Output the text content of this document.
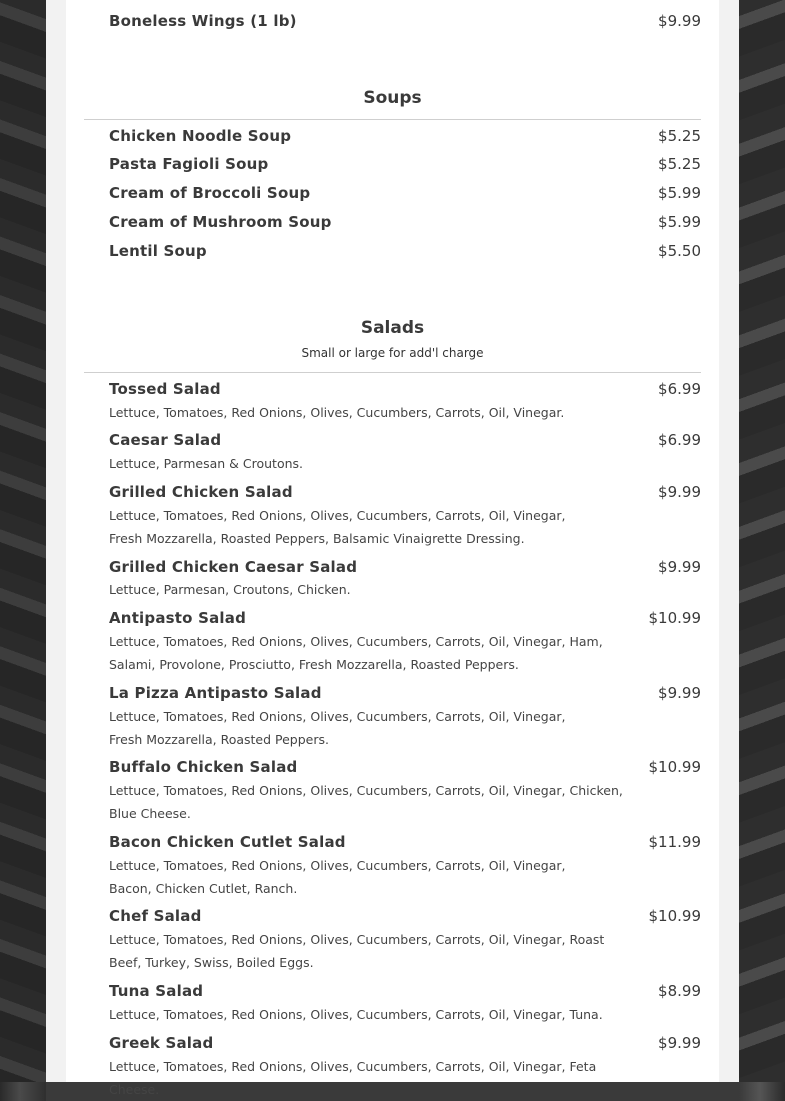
Boneless Wings (1 lb)	$9.99
Soups
Chicken Noodle Soup	$5.25
Pasta Fagioli Soup	$5.25
Cream of Broccoli Soup	$5.99
Cream of Mushroom Soup	$5.99
Lentil Soup	$5.50
Salads
Small or large for add'l charge
Tossed Salad	$6.99
Lettuce, Tomatoes, Red Onions, Olives, Cucumbers, Carrots, Oil, Vinegar.
Caesar Salad	$6.99
Lettuce, Parmesan & Croutons.
Grilled Chicken Salad	$9.99
Lettuce, Tomatoes, Red Onions, Olives, Cucumbers, Carrots, Oil, Vinegar, Fresh Mozzarella, Roasted Peppers, Balsamic Vinaigrette Dressing.
Grilled Chicken Caesar Salad	$9.99
Lettuce, Parmesan, Croutons, Chicken.
Antipasto Salad	$10.99
Lettuce, Tomatoes, Red Onions, Olives, Cucumbers, Carrots, Oil, Vinegar, Ham, Salami, Provolone, Prosciutto, Fresh Mozzarella, Roasted Peppers.
La Pizza Antipasto Salad	$9.99
Lettuce, Tomatoes, Red Onions, Olives, Cucumbers, Carrots, Oil, Vinegar, Fresh Mozzarella, Roasted Peppers.
Buffalo Chicken Salad	$10.99
Lettuce, Tomatoes, Red Onions, Olives, Cucumbers, Carrots, Oil, Vinegar, Chicken, Blue Cheese.
Bacon Chicken Cutlet Salad	$11.99
Lettuce, Tomatoes, Red Onions, Olives, Cucumbers, Carrots, Oil, Vinegar, Bacon, Chicken Cutlet, Ranch.
Chef Salad	$10.99
Lettuce, Tomatoes, Red Onions, Olives, Cucumbers, Carrots, Oil, Vinegar, Roast Beef, Turkey, Swiss, Boiled Eggs.
Tuna Salad	$8.99
Lettuce, Tomatoes, Red Onions, Olives, Cucumbers, Carrots, Oil, Vinegar, Tuna.
Greek Salad	$9.99
Lettuce, Tomatoes, Red Onions, Olives, Cucumbers, Carrots, Oil, Vinegar, Feta Cheese.
